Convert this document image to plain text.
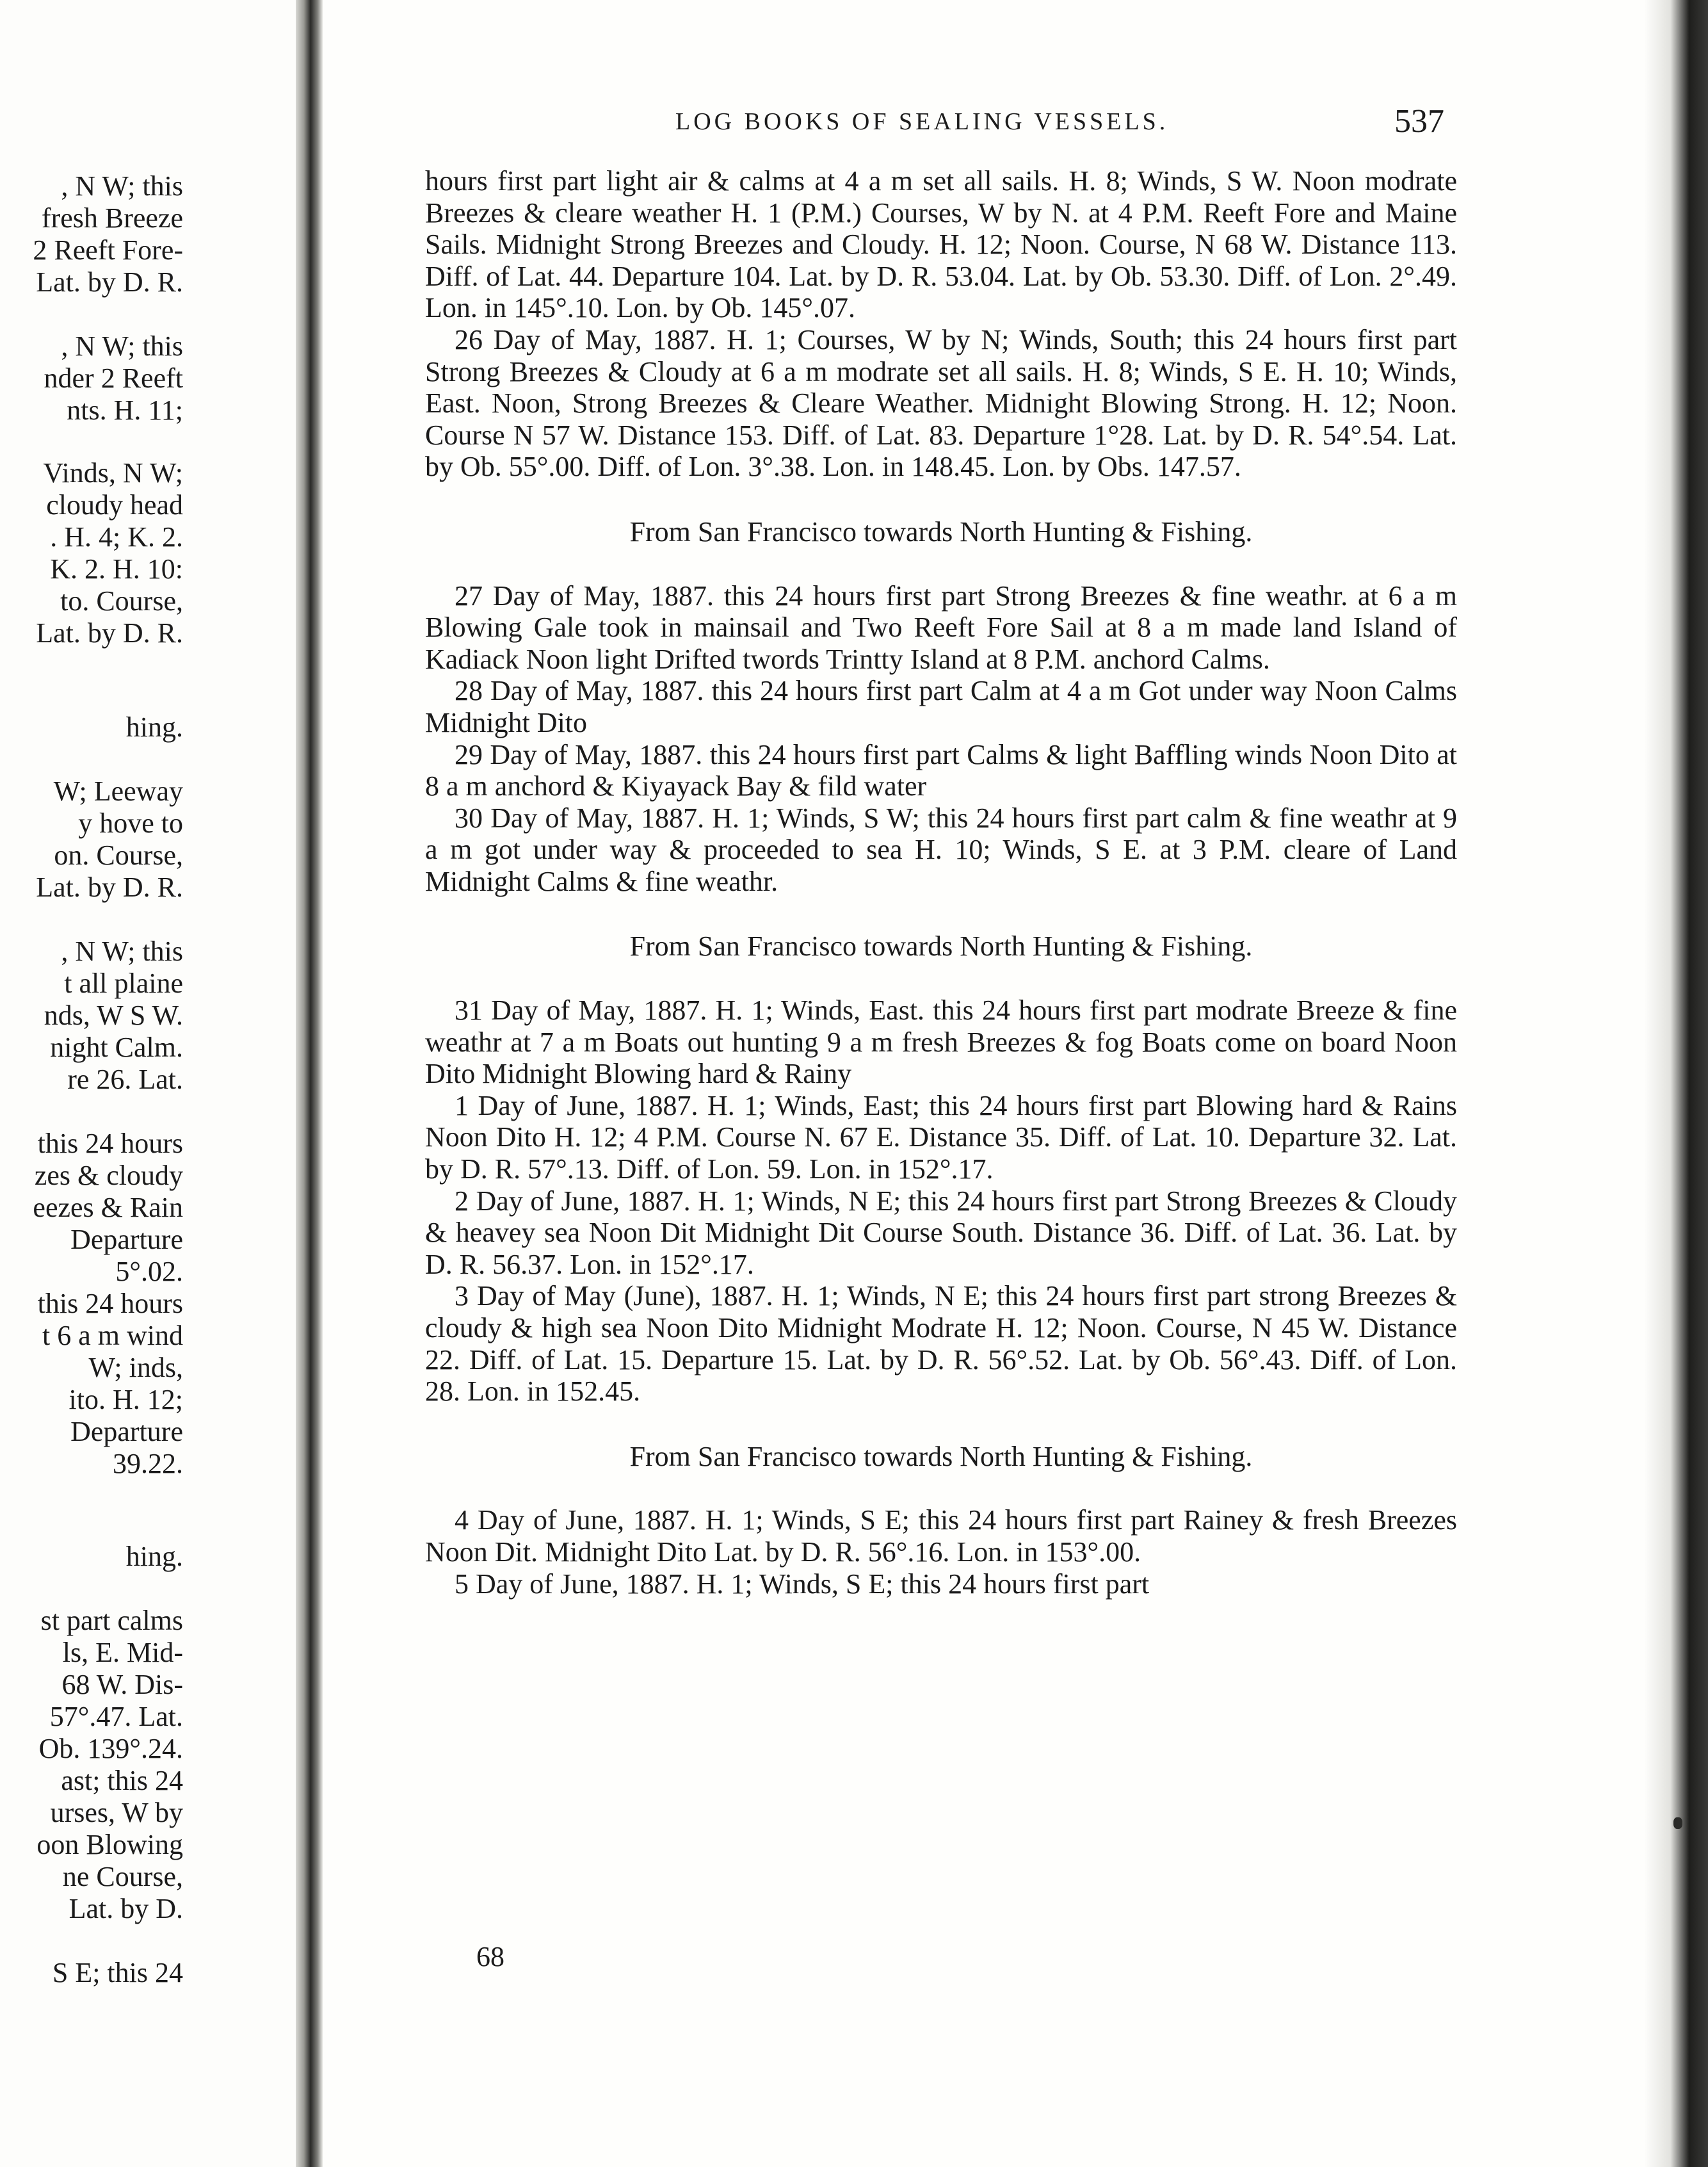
, N W; this
fresh Breeze
2 Reeft Fore-
Lat. by D. R.
, N W; this
nder 2 Reeft
nts. H. 11;
Vinds, N W;
cloudy head
. H. 4; K. 2.
K. 2. H. 10:
to. Course,
Lat. by D. R.
hing.
W; Leeway
y hove to
on. Course,
Lat. by D. R.
, N W; this
t all plaine
nds, W S W.
night Calm.
re 26. Lat.
this 24 hours
zes & cloudy
eezes & Rain
Departure
5°.02.
this 24 hours
t 6 a m wind
W; inds,
ito. H. 12;
Departure
39.22.
hing.
st part calms
ls, E. Mid-
68 W. Dis-
57°.47. Lat.
Ob. 139°.24.
ast; this 24
urses, W by
oon Blowing
ne Course,
Lat. by D.
S E; this 24
LOG BOOKS OF SEALING VESSELS.	537

hours first part light air & calms at 4 a m set all sails. H. 8; Winds, S W. Noon modrate Breezes & cleare weather H. 1 (P.M.) Courses, W by N. at 4 P.M. Reeft Fore and Maine Sails. Midnight Strong Breezes and Cloudy. H. 12; Noon. Course, N 68 W. Distance 113. Diff. of Lat. 44. Departure 104. Lat. by D. R. 53.04. Lat. by Ob. 53.30. Diff. of Lon. 2°.49. Lon. in 145°.10. Lon. by Ob. 145°.07.

26 Day of May, 1887. H. 1; Courses, W by N; Winds, South; this 24 hours first part Strong Breezes & Cloudy at 6 a m modrate set all sails. H. 8; Winds, S E. H. 10; Winds, East. Noon, Strong Breezes & Cleare Weather. Midnight Blowing Strong. H. 12; Noon. Course N 57 W. Distance 153. Diff. of Lat. 83. Departure 1°28. Lat. by D. R. 54°.54. Lat. by Ob. 55°.00. Diff. of Lon. 3°.38. Lon. in 148.45. Lon. by Obs. 147.57.

From San Francisco towards North Hunting & Fishing.

27 Day of May, 1887. this 24 hours first part Strong Breezes & fine weathr. at 6 a m Blowing Gale took in mainsail and Two Reeft Fore Sail at 8 a m made land Island of Kadiack Noon light Drifted twords Trintty Island at 8 P.M. anchord Calms.

28 Day of May, 1887. this 24 hours first part Calm at 4 a m Got under way Noon Calms Midnight Dito

29 Day of May, 1887. this 24 hours first part Calms & light Baffling winds Noon Dito at 8 a m anchord & Kiyayack Bay & fild water

30 Day of May, 1887. H. 1; Winds, S W; this 24 hours first part calm & fine weathr at 9 a m got under way & proceeded to sea H. 10; Winds, S E. at 3 P.M. cleare of Land Midnight Calms & fine weathr.

From San Francisco towards North Hunting & Fishing.

31 Day of May, 1887. H. 1; Winds, East. this 24 hours first part modrate Breeze & fine weathr at 7 a m Boats out hunting 9 a m fresh Breezes & fog Boats come on board Noon Dito Midnight Blowing hard & Rainy

1 Day of June, 1887. H. 1; Winds, East; this 24 hours first part Blowing hard & Rains Noon Dito H. 12; 4 P.M. Course N. 67 E. Distance 35. Diff. of Lat. 10. Departure 32. Lat. by D. R. 57°.13. Diff. of Lon. 59. Lon. in 152°.17.

2 Day of June, 1887. H. 1; Winds, N E; this 24 hours first part Strong Breezes & Cloudy & heavey sea Noon Dit Midnight Dit Course South. Distance 36. Diff. of Lat. 36. Lat. by D. R. 56.37. Lon. in 152°.17.

3 Day of May (June), 1887. H. 1; Winds, N E; this 24 hours first part strong Breezes & cloudy & high sea Noon Dito Midnight Modrate H. 12; Noon. Course, N 45 W. Distance 22. Diff. of Lat. 15. Departure 15. Lat. by D. R. 56°.52. Lat. by Ob. 56°.43. Diff. of Lon. 28. Lon. in 152.45.

From San Francisco towards North Hunting & Fishing.

4 Day of June, 1887. H. 1; Winds, S E; this 24 hours first part Rainey & fresh Breezes Noon Dit. Midnight Dito Lat. by D. R. 56°.16. Lon. in 153°.00.

5 Day of June, 1887. H. 1; Winds, S E; this 24 hours first part

68
